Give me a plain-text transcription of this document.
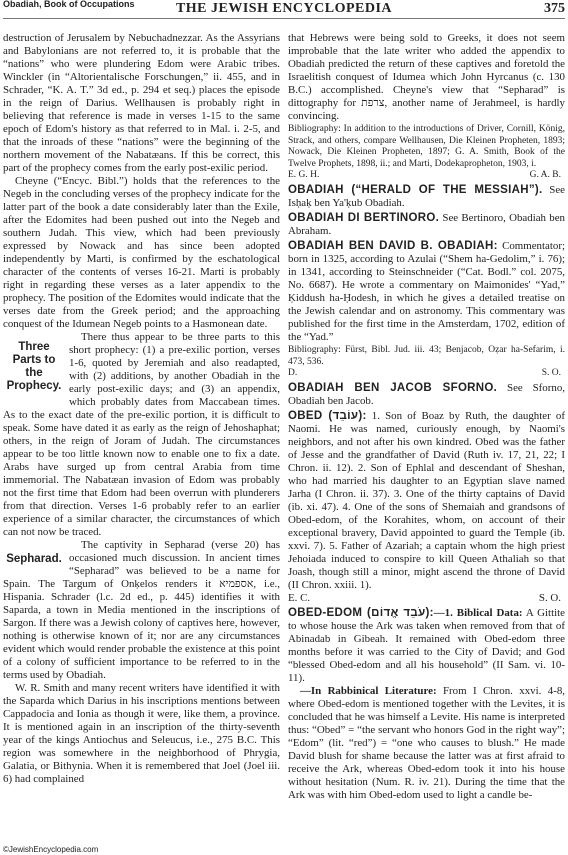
Obadiah, Book of Occupations	THE JEWISH ENCYCLOPEDIA	375

destruction of Jerusalem by Nebuchadnezzar. As the Assyrians and Babylonians are not referred to, it is probable that the “nations” who were plundering Edom were Arabic tribes. Winckler (in “Altorientalische Forschungen,” ii. 455, and in Schrader, “K. A. T.” 3d ed., p. 294 et seq.) places the episode in the reign of Darius. Wellhausen is probably right in believing that reference is made in verses 1-15 to the same epoch of Edom's history as that referred to in Mal. i. 2-5, and that the inroads of these “nations” were the beginning of the northern movement of the Nabatæans. If this be correct, this part of the prophecy comes from the early post-exilic period.

Cheyne (“Encyc. Bibl.”) holds that the references to the Negeb in the concluding verses of the prophecy indicate for the latter part of the book a date considerably later than the Exile, after the Edomites had been pushed out into the Negeb and southern Judah. This view, which had been previously expressed by Nowack and has since been adopted independently by Marti, is confirmed by the eschatological character of the contents of verses 16-21. Marti is probably right in regarding these verses as a later appendix to the prophecy. The position of the Edomites would indicate that the verses date from the Greek period; and the approaching conquest of the Idumean Negeb points to a Hasmonean date.

Three Parts to the Prophecy.

There thus appear to be three parts to this short prophecy: (1) a pre-exilic portion, verses 1-6, quoted by Jeremiah and also readapted, with (2) additions, by another Obadiah in the early post-exilic days; and (3) an appendix, which probably dates from Maccabean times. As to the exact date of the pre-exilic portion, it is difficult to speak. Some have dated it as early as the reign of Jehoshaphat; others, in the reign of Joram of Judah. The circumstances appear to be too little known now to enable one to fix a date. Arabs have surged up from central Arabia from time immemorial. The Nabatæan invasion of Edom was probably not the first time that Edom had been overrun with plunderers from that direction. Verses 1-6 probably refer to an earlier experience of a similar character, the circumstances of which can not now be traced.

Sepharad.

The captivity in Sepharad (verse 20) has occasioned much discussion. In ancient times “Sepharad” was believed to be a name for Spain. The Targum of Onḳelos renders it אספמיא, i.e., Hispania. Schrader (l.c. 2d ed., p. 445) identifies it with Saparda, a town in Media mentioned in the inscriptions of Sargon. If there was a Jewish colony of captives here, however, nothing is otherwise known of it; nor are any circumstances evident which would render probable the existence at this point of a colony of sufficient importance to be referred to in the terms used by Obadiah.

W. R. Smith and many recent writers have identified it with the Saparda which Darius in his inscriptions mentions between Cappadocia and Ionia as though it were, like them, a province. It is mentioned again in an inscription of the thirty-seventh year of the kings Antiochus and Seleucus, i.e., 275 B.C. This region was somewhere in the neighborhood of Phrygia, Galatia, or Bithynia. When it is remembered that Joel (Joel iii. 6) had complained

that Hebrews were being sold to Greeks, it does not seem improbable that the late writer who added the appendix to Obadiah predicted the return of these captives and foretold the Israelitish conquest of Idumea which John Hyrcanus (c. 130 B.C.) accomplished. Cheyne's view that “Sepharad” is dittography for צרפת, another name of Jerahmeel, is hardly convincing.

Bibliography: In addition to the introductions of Driver, Cornill, König, Strack, and others, compare Wellhausen, Die Kleinen Propheten, 1893; Nowack, Die Kleinen Propheten, 1897; G. A. Smith, Book of the Twelve Prophets, 1898, ii.; and Marti, Dodekapropheton, 1903, i.

E. G. H.	G. A. B.

OBADIAH (“HERALD OF THE MESSIAH”). See Isḥaḳ ben Ya'ḳub Obadiah.

OBADIAH DI BERTINORO. See Bertinoro, Obadiah ben Abraham.

OBADIAH BEN DAVID B. OBADIAH: Commentator; born in 1325, according to Azulai (“Shem ha-Gedolim,” i. 76); in 1341, according to Steinschneider (“Cat. Bodl.” col. 2075, No. 6687). He wrote a commentary on Maimonides' “Yad,” Ḳiddush ha-Ḥodesh, in which he gives a detailed treatise on the Jewish calendar and on astronomy. This commentary was published for the first time in the Amsterdam, 1702, edition of the “Yad.”

Bibliography: Fürst, Bibl. Jud. iii. 43; Benjacob, Oẓar ha-Sefarim, i. 473, 536.

D.	S. O.

OBADIAH BEN JACOB SFORNO. See Sforno, Obadiah ben Jacob.

OBED (עוֹבֵד): 1. Son of Boaz by Ruth, the daughter of Naomi. He was named, curiously enough, by Naomi's neighbors, and not after his own kindred. Obed was the father of Jesse and the grandfather of David (Ruth iv. 17, 21, 22; I Chron. ii. 12). 2. Son of Ephlal and descendant of Sheshan, who had married his daughter to an Egyptian slave named Jarha (I Chron. ii. 37). 3. One of the thirty captains of David (ib. xi. 47). 4. One of the sons of Shemaiah and grandsons of Obed-edom, of the Korahites, whom, on account of their exceptional bravery, David appointed to guard the Temple (ib. xxvi. 7). 5. Father of Azariah; a captain whom the high priest Jehoiada induced to conspire to kill Queen Athaliah so that Joash, though still a minor, might ascend the throne of David (II Chron. xxiii. 1).

E. C.	S. O.

OBED-EDOM (עֹבֵד אֱדוֹם):—1. Biblical Data: A Gittite to whose house the Ark was taken when removed from that of Abinadab in Gibeah. It remained with Obed-edom three months before it was carried to the City of David; and God “blessed Obed-edom and all his household” (II Sam. vi. 10-11).

—In Rabbinical Literature: From I Chron. xxvi. 4-8, where Obed-edom is mentioned together with the Levites, it is concluded that he was himself a Levite. His name is interpreted thus: “Obed” = “the servant who honors God in the right way”; “Edom” (lit. “red”) = “one who causes to blush.” He made David blush for shame because the latter was at first afraid to receive the Ark, whereas Obed-edom took it into his house without hesitation (Num. R. iv. 21). During the time that the Ark was with him Obed-edom used to light a candle be-

©JewishEncyclopedia.com
